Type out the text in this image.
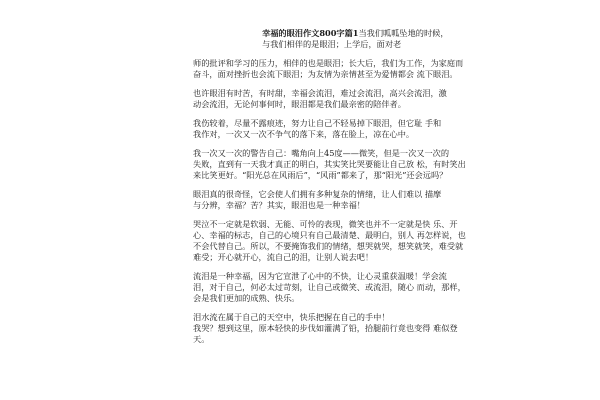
幸福的眼泪作文800字篇1当我们呱呱坠地的时候，
与我们相伴的是眼泪；上学后，面对老
师的批评和学习的压力，相伴的也是眼泪；长大后，我们为工作，为家庭而
奋斗，面对挫折也会流下眼泪；为友情为亲情甚至为爱情都会 流下眼泪。
也许眼泪有时苦，有时甜，幸福会流泪，难过会流泪，高兴会流泪，激
动会流泪，无论何事何时，眼泪都是我们最亲密的陪伴者。
我伤较着，尽量不露痕迹，努力让自己不轻易掉下眼泪，但它耻 手和
我作对，一次又一次不争气的落下来，落在脸上，凉在心中。
我一次又一次的警告自己：嘴角向上45度——微笑，但是一次又一次的
失败，直到有一天我才真正的明白，其实笑比哭要能让自己放 松，有时笑出
来比笑更好。“阳光总在风雨后”，“风雨”都来了，那“阳光”还会远吗？
眼泪真的很奇怪，它会使人们拥有多种复杂的情绪，让人们难以 描摩
与分辨，幸福？苦？其实，眼泪也是一种幸福！
哭泣不一定就是软弱、无能、可怜的表现，微笑也并不一定就是快 乐、开
心、幸福的标志，自己的心境只有自己最清楚、最明白，别人 再怎样说，也
不会代替自己。所以，不要掩饰我们的情绪，想哭就哭，想笑就笑，难受就
难受；开心就开心，流自己的泪，让别人说去吧！
流泪是一种幸福，因为它宣泄了心中的不快，让心灵重获温暖！学会流
泪，对于自己，何必太过苛刻，让自己或微笑、或流泪，随心 而动，那样，
会是我们更加的成熟、快乐。
泪水流在属于自己的天空中，快乐把握在自己的手中！
我哭？想到这里，原本轻快的步伐如灌满了铅，拾腿前行竟也变得 难似登
天。
